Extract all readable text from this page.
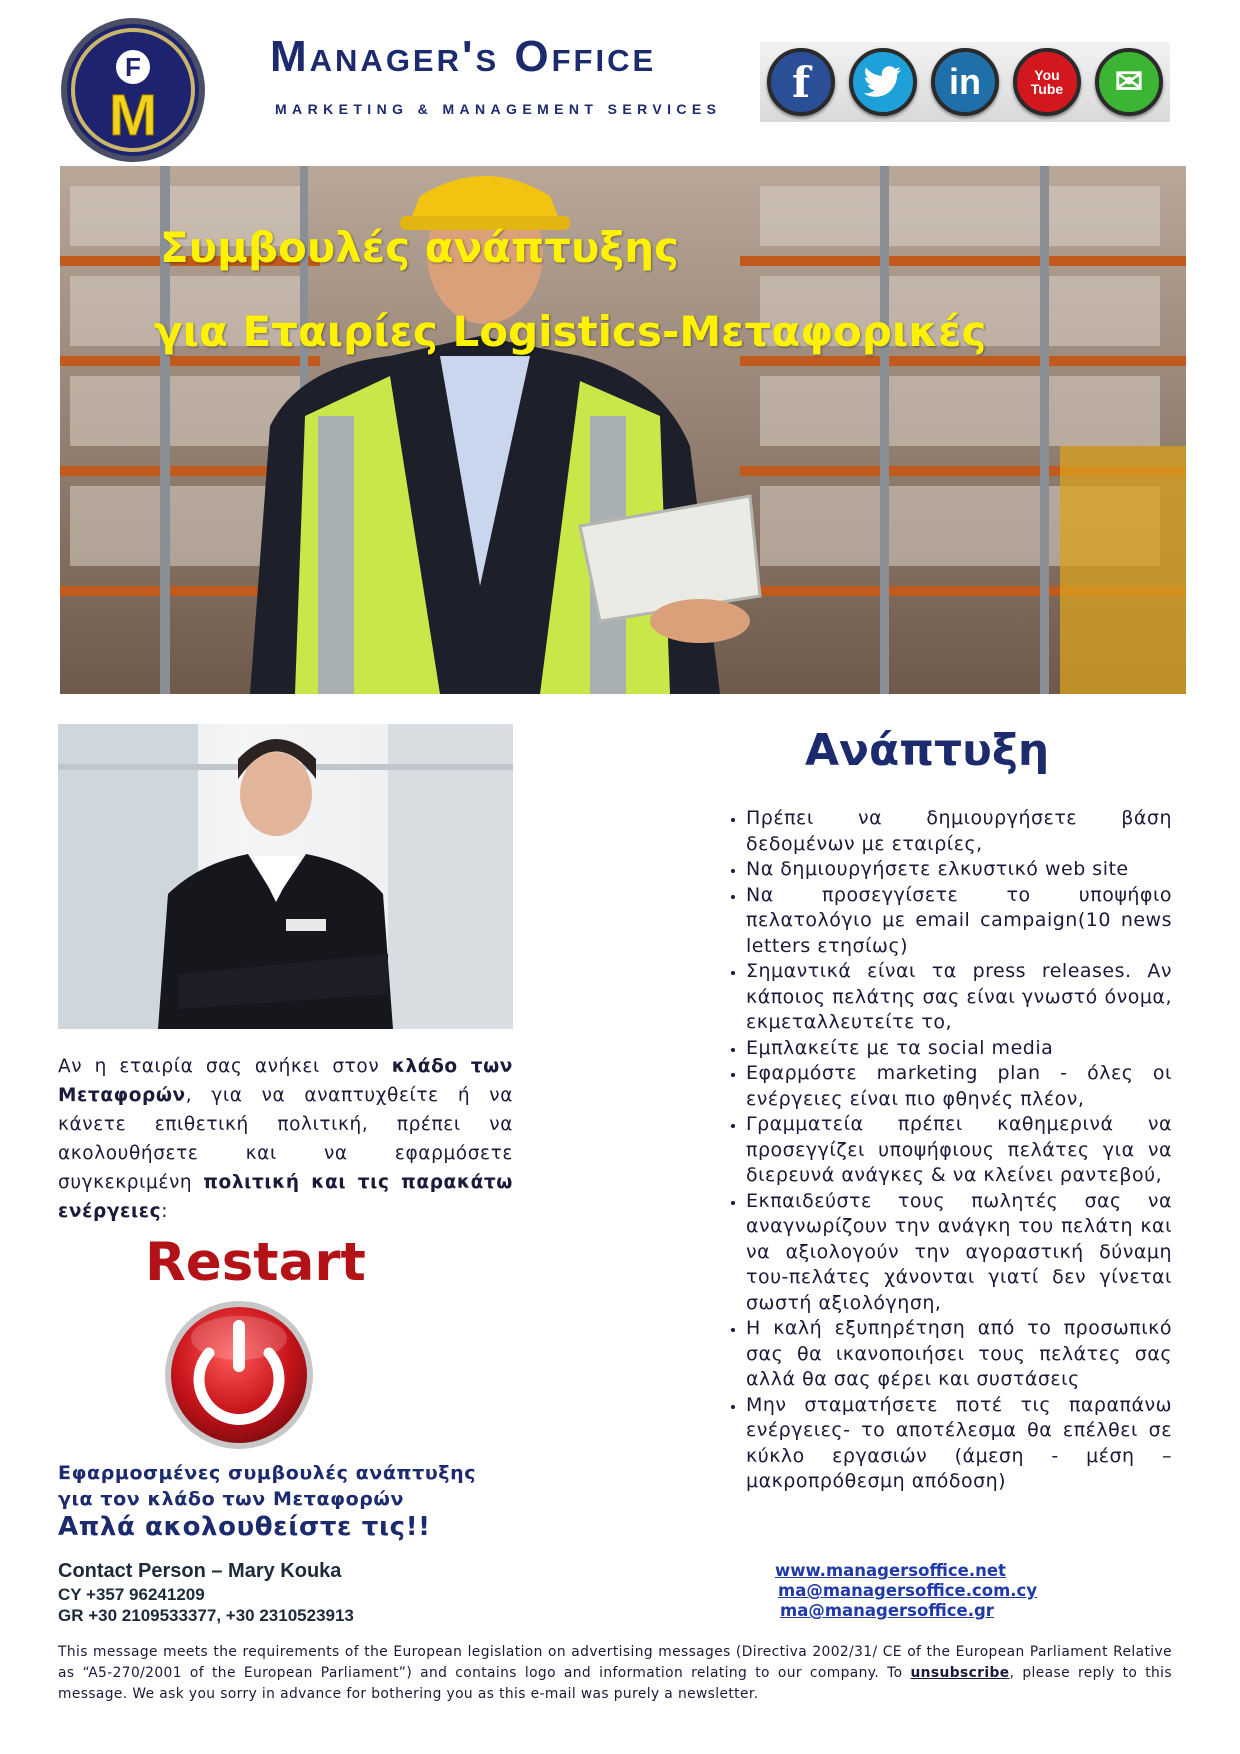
F
M
Manager's Office
MARKETING & MANAGEMENT SERVICES
f	in	You Tube	✉
Συμβουλές ανάπτυξης
για Εταιρίες Logistics-Μεταφορικές
Αν η εταιρία σας ανήκει στον κλάδο των Μεταφορών, για να αναπτυχθείτε ή να κάνετε επιθετική πολιτική, πρέπει να ακολουθήσετε και να εφαρμόσετε συγκεκριμένη πολιτική και τις παρακάτω ενέργειες:
Restart
Εφαρμοσμένες συμβουλές ανάπτυξης
για τον κλάδο των Μεταφορών
Απλά ακολουθείστε τις!!
Contact Person – Mary Kouka
CY +357 96241209
GR +30 2109533377, +30 2310523913
Ανάπτυξη
• Πρέπει να δημιουργήσετε βάση δεδομένων με εταιρίες,
• Να δημιουργήσετε ελκυστικό web site
• Να προσεγγίσετε το υποψήφιο πελατολόγιο με email campaign(10 news letters ετησίως)
• Σημαντικά είναι τα press releases. Αν κάποιος πελάτης σας είναι γνωστό όνομα, εκμεταλλευτείτε το,
• Εμπλακείτε με τα social media
• Εφαρμόστε marketing plan - όλες οι ενέργειες είναι πιο φθηνές πλέον,
• Γραμματεία πρέπει καθημερινά να προσεγγίζει υποψήφιους πελάτες για να διερευνά ανάγκες & να κλείνει ραντεβού,
• Εκπαιδεύστε τους πωλητές σας να αναγνωρίζουν την ανάγκη του πελάτη και να αξιολογούν την αγοραστική δύναμη του-πελάτες χάνονται γιατί δεν γίνεται σωστή αξιολόγηση,
• Η καλή εξυπηρέτηση από το προσωπικό σας θα ικανοποιήσει τους πελάτες σας αλλά θα σας φέρει και συστάσεις
• Μην σταματήσετε ποτέ τις παραπάνω ενέργειες- το αποτέλεσμα θα επέλθει σε κύκλο εργασιών (άμεση - μέση – μακροπρόθεσμη απόδοση)
www.managersoffice.net
ma@managersoffice.com.cy
ma@managersoffice.gr
This message meets the requirements of the European legislation on advertising messages (Directiva 2002/31/ CE of the European Parliament Relative as “A5-270/2001 of the European Parliament”) and contains logo and information relating to our company. To unsubscribe, please reply to this message. We ask you sorry in advance for bothering you as this e-mail was purely a newsletter.
